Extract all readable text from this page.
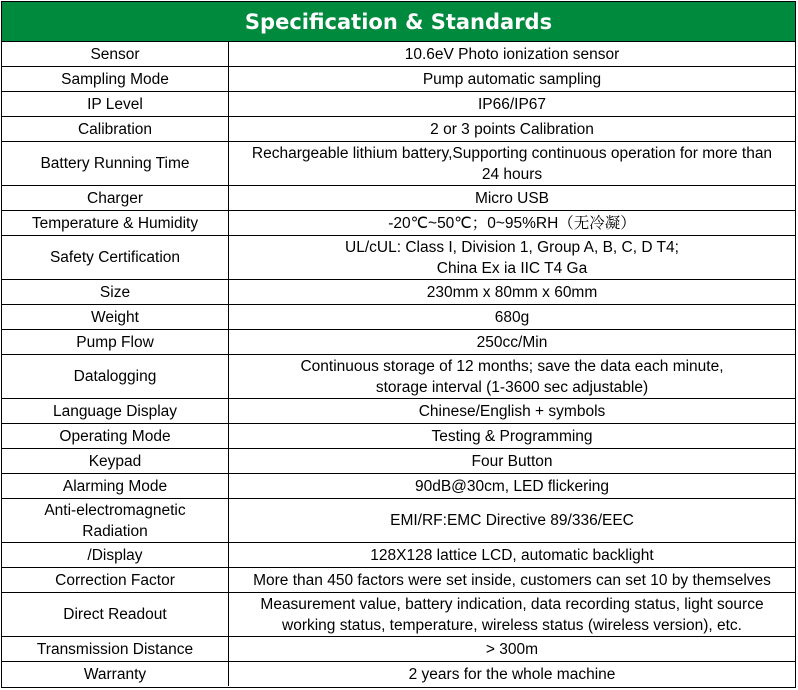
Specification & Standards
Sensor	10.6eV Photo ionization sensor

Sampling Mode	Pump automatic sampling

IP Level	IP66/IP67

Calibration	2 or 3 points Calibration

Battery Running Time	Rechargeable lithium battery,Supporting continuous operation for more than
24 hours

Charger	Micro USB

Temperature & Humidity	-20℃~50℃；0~95%RH（无冷凝）

Safety Certification	UL/cUL: Class I, Division 1, Group A, B, C, D T4;
China Ex ia IIC T4 Ga

Size	230mm x 80mm x 60mm

Weight	680g

Pump Flow	250cc/Min

Datalogging	Continuous storage of 12 months; save the data each minute,
storage interval (1-3600 sec adjustable)

Language Display	Chinese/English + symbols

Operating Mode	Testing & Programming

Keypad	Four Button

Alarming Mode	90dB@30cm, LED flickering

Anti-electromagnetic
Radiation	EMI/RF:EMC Directive 89/336/EEC

/Display	128X128 lattice LCD, automatic backlight

Correction Factor	More than 450 factors were set inside, customers can set 10 by themselves

Direct Readout	Measurement value, battery indication, data recording status, light source
working status, temperature, wireless status (wireless version), etc.

Transmission Distance	> 300m

Warranty	2 years for the whole machine
